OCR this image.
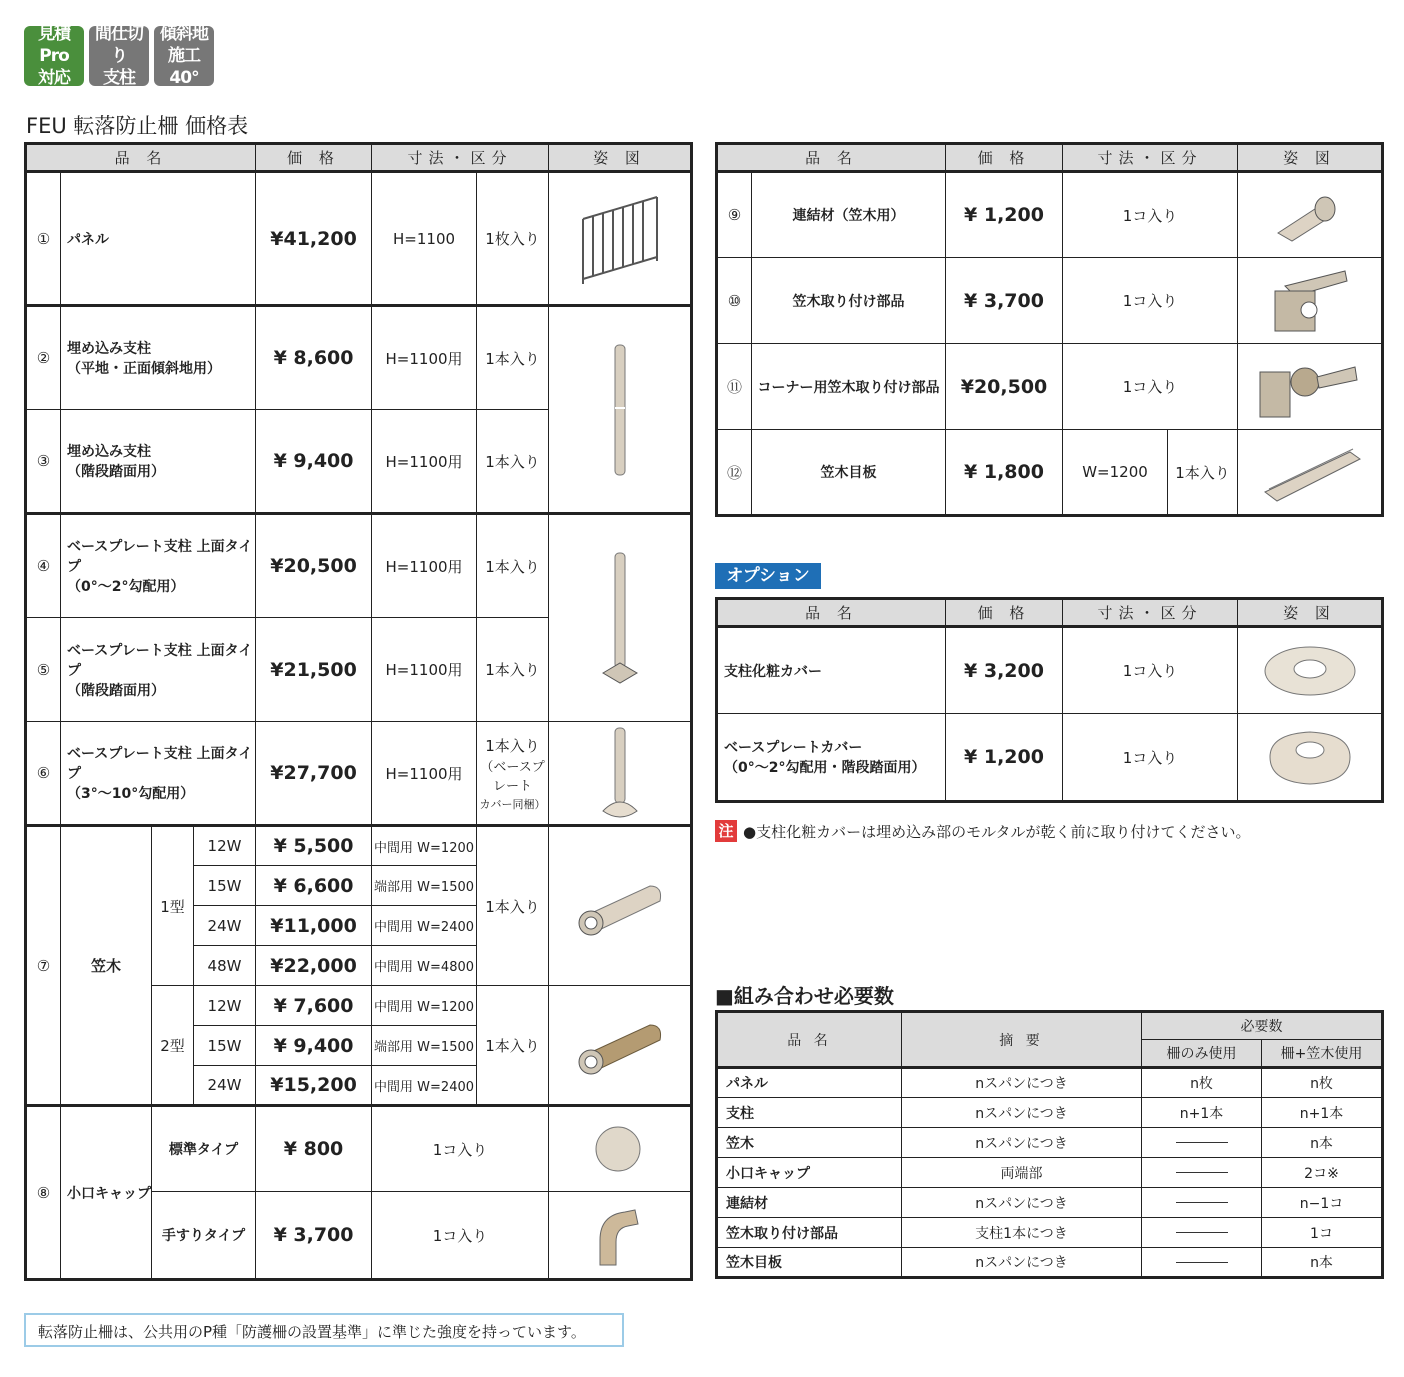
見積Pro
対応
間仕切り
支柱
傾斜地
施工40°
FEU 転落防止柵 価格表
品 名				価 格	寸法・区分		姿 図
①	パネル			¥41,200	H=1100	1枚入り	

②	埋め込み支柱
（平地・正面傾斜地用）			¥ 8,600	H=1100用	1本入り	

③	埋め込み支柱
（階段踏面用）			¥ 9,400	H=1100用	1本入り	
④	ベースプレート支柱 上面タイプ
（0°〜2°勾配用）			¥20,500	H=1100用	1本入り	

⑤	ベースプレート支柱 上面タイプ
（階段踏面用）			¥21,500	H=1100用	1本入り	
⑥	ベースプレート支柱 上面タイプ
（3°〜10°勾配用）			¥27,700	H=1100用	1本入り
（ベースプレート
カバー同梱）	

⑦	笠木	1型	12W	¥ 5,500	中間用 W=1200	1本入り	

			15W	¥ 6,600	端部用 W=1500		
			24W	¥11,000	中間用 W=2400		
			48W	¥22,000	中間用 W=4800		
		2型	12W	¥ 7,600	中間用 W=1200	1本入り	

			15W	¥ 9,400	端部用 W=1500		
			24W	¥15,200	中間用 W=2400		
⑧	小口キャップ	標準タイプ		¥ 800	1コ入り	

		手すりタイプ		¥ 3,700	1コ入り	
品 名		価 格	寸法・区分		姿 図
⑨	連結材（笠木用）	¥ 1,200	1コ入り	

⑩	笠木取り付け部品	¥ 3,700	1コ入り	

⑪	コーナー用笠木取り付け部品	¥20,500	1コ入り	

⑫	笠木目板	¥ 1,800	W=1200	1本入り	
オプション
品 名	価 格	寸法・区分	姿 図
支柱化粧カバー	¥ 3,200	1コ入り	

ベースプレートカバー
（0°〜2°勾配用・階段踏面用）	¥ 1,200	1コ入り	
注 ●支柱化粧カバーは埋め込み部のモルタルが乾く前に取り付けてください。
■組み合わせ必要数
品 名	摘 要	必要数	
		柵のみ使用	柵+笠木使用
パネル	nスパンにつき	n枚	n枚
支柱	nスパンにつき	n+1本	n+1本
笠木	nスパンにつき		n本
小口キャップ	両端部		2コ※
連結材	nスパンにつき		n−1コ
笠木取り付け部品	支柱1本につき		1コ
笠木目板	nスパンにつき		n本
転落防止柵は、公共用のP種「防護柵の設置基準」に準じた強度を持っています。
